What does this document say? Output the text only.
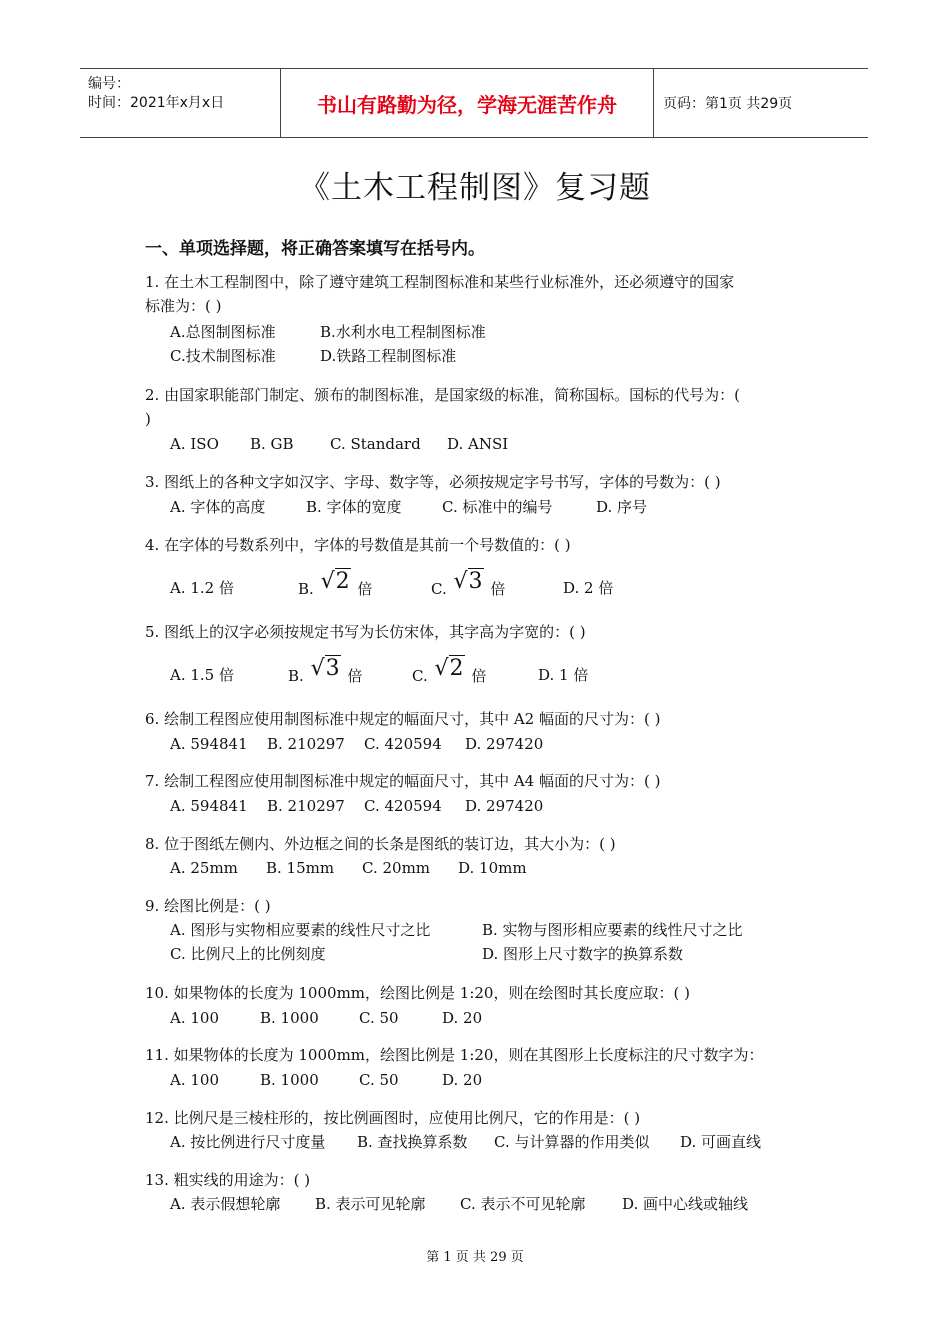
编号：
时间：2021年x月x日	书山有路勤为径，学海无涯苦作舟	页码：第1页 共29页
《土木工程制图》复习题
一、单项选择题，将正确答案填写在括号内。
1. 在土木工程制图中，除了遵守建筑工程制图标准和某些行业标准外，还必须遵守的国家
标准为：( )
A.总图制图标准	B.水利水电工程制图标准
C.技术制图标准	D.铁路工程制图标准
2. 由国家职能部门制定、颁布的制图标准，是国家级的标准，简称国标。国标的代号为：(
)
A. ISO B. GB C. Standard D. ANSI
3. 图纸上的各种文字如汉字、字母、数字等，必须按规定字号书写，字体的号数为：( )
A. 字体的高度	B. 字体的宽度	C. 标准中的编号	D. 序号
4. 在字体的号数系列中，字体的号数值是其前一个号数值的：( )
A. 1.2 倍	B. √2 倍	C. √3 倍	D. 2 倍
5. 图纸上的汉字必须按规定书写为长仿宋体，其字高为字宽的：( )
A. 1.5 倍	B. √3 倍	C. √2 倍	D. 1 倍
6. 绘制工程图应使用制图标准中规定的幅面尺寸，其中 A2 幅面的尺寸为：( )
A. 594841 B. 210297 C. 420594 D. 297420
7. 绘制工程图应使用制图标准中规定的幅面尺寸，其中 A4 幅面的尺寸为：( )
A. 594841 B. 210297 C. 420594 D. 297420
8. 位于图纸左侧内、外边框之间的长条是图纸的装订边，其大小为：( )
A. 25mm B. 15mm C. 20mm D. 10mm
9. 绘图比例是：( )
A. 图形与实物相应要素的线性尺寸之比	B. 实物与图形相应要素的线性尺寸之比
C. 比例尺上的比例刻度	D. 图形上尺寸数字的换算系数
10. 如果物体的长度为 1000mm，绘图比例是 1:20，则在绘图时其长度应取：( )
A. 100	B. 1000	C. 50	D. 20
11. 如果物体的长度为 1000mm，绘图比例是 1:20，则在其图形上长度标注的尺寸数字为：
A. 100	B. 1000	C. 50	D. 20
12. 比例尺是三棱柱形的，按比例画图时，应使用比例尺，它的作用是：( )
A. 按比例进行尺寸度量 B. 查找换算系数 C. 与计算器的作用类似 D. 可画直线
13. 粗实线的用途为：( )
A. 表示假想轮廓 B. 表示可见轮廓 C. 表示不可见轮廓 D. 画中心线或轴线
第 1 页 共 29 页
